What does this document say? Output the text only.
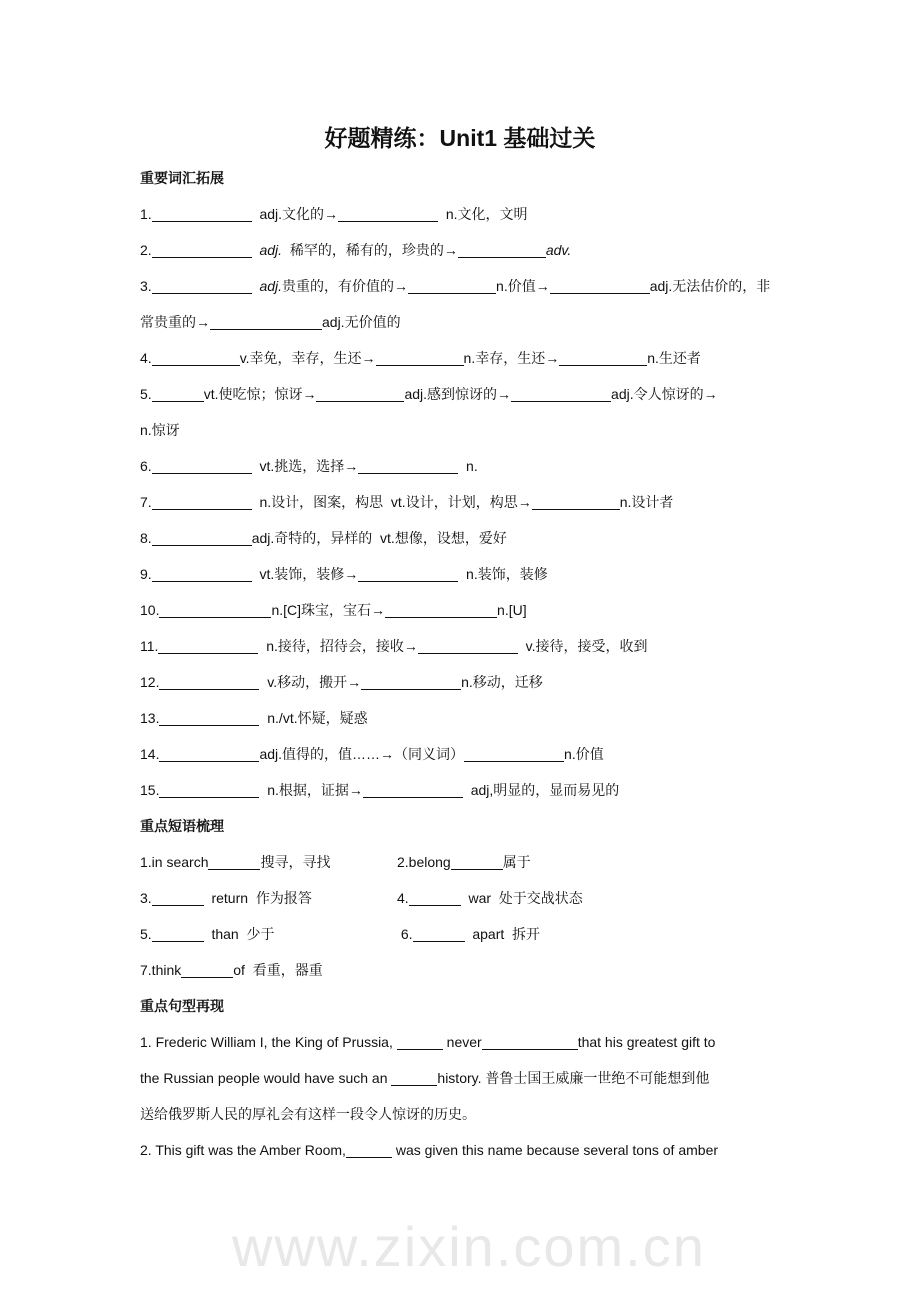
www.zixin.com.cn
好题精练：Unit1 基础过关
重要词汇拓展
1.	adj.文化的→	n.文化，文明
2.	adj.  稀罕的，稀有的，珍贵的→	adv.
3.	adj.贵重的，有价值的→	n.价值→	adj.无法估价的，非
常贵重的→	adj.无价值的
4.	v.幸免，幸存，生还→	n.幸存，生还→	n.生还者
5.	vt.使吃惊；惊讶→	adj.感到惊讶的→	adj.令人惊讶的→
n.惊讶
6.	vt.挑选，选择→	n.
7.	n.设计，图案，构思  vt.设计，计划，构思→	n.设计者
8.	adj.奇特的，异样的  vt.想像，设想，爱好
9.	vt.装饰，装修→	n.装饰，装修
10.	n.[C]珠宝，宝石→	n.[U]
11.	n.接待，招待会，接收→	v.接待，接受，收到
12.	v.移动，搬开→	n.移动，迁移
13.	n./vt.怀疑，疑惑
14.	adj.值得的，值……→（同义词）	n.价值
15.	n.根据，证据→	adj,明显的，显而易见的
重点短语梳理
1.in search	搜寻，寻找	2.belong	属于
3.	return  作为报答	4.	war  处于交战状态
5.	than  少于	6.	apart  拆开
7.think	of  看重，器重
重点句型再现
1. Frederic William I, the King of Prussia,	never	that his greatest gift to
the Russian people would have such an	history. 普鲁士国王威廉一世绝不可能想到他
送给俄罗斯人民的厚礼会有这样一段令人惊讶的历史。
2. This gift was the Amber Room,	was given this name because several tons of amber
